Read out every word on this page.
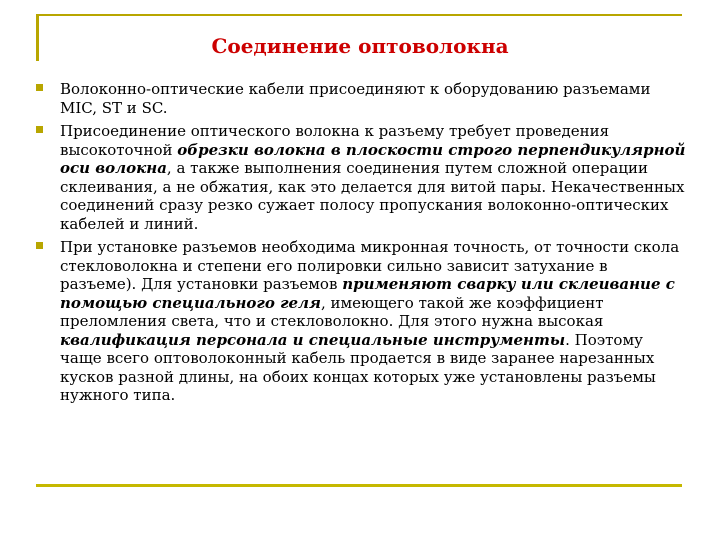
Соединение оптоволокна
Волоконно-оптические кабели присоединяют к оборудованию разъемами MIC, ST и SC.
Присоединение оптического волокна к разъему требует проведения высокоточной обрезки волокна в плоскости строго перпендикулярной оси волокна, а также выполнения соединения путем сложной операции склеивания, а не обжатия, как это делается для витой пары. Некачественных соединений сразу резко сужает полосу пропускания волоконно-оптических кабелей и линий.
При установке разъемов необходима микронная точность, от точности скола стекловолокна и степени его полировки сильно зависит затухание в разъеме). Для установки разъемов применяют сварку или склеивание с помощью специального геля, имеющего такой же коэффициент преломления света, что и стекловолокно. Для этого нужна высокая квалификация персонала и специальные инструменты. Поэтому чаще всего оптоволоконный кабель продается в виде заранее нарезанных кусков разной длины, на обоих концах которых уже установлены разъемы нужного типа.
